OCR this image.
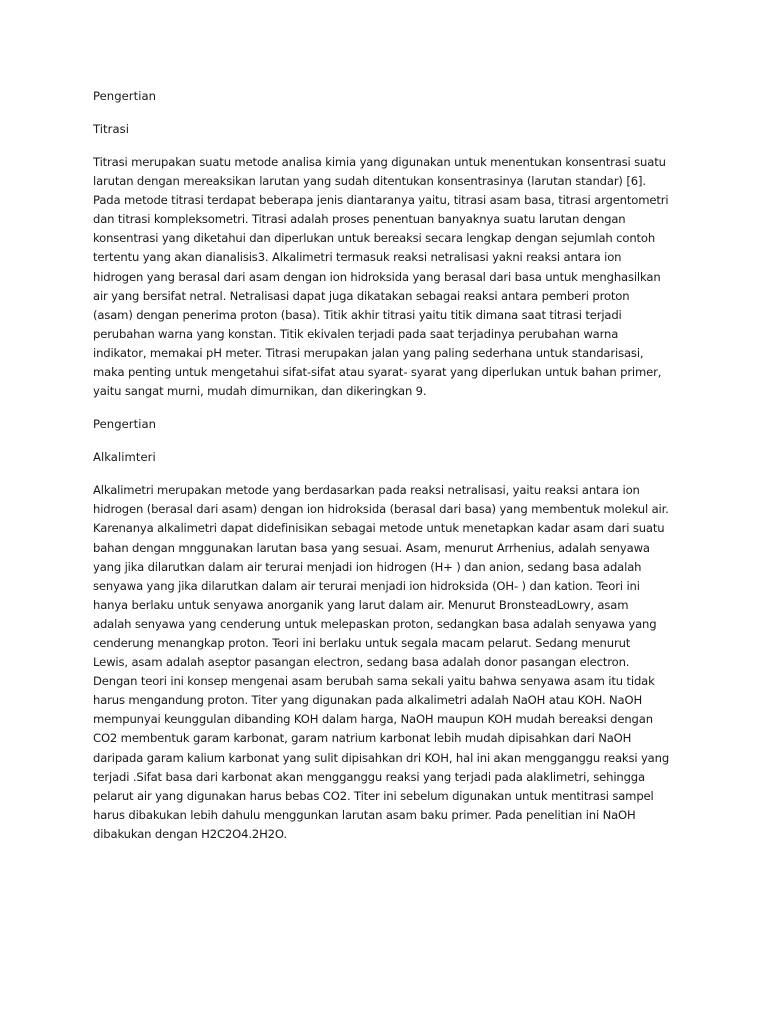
Pengertian

Titrasi

Titrasi merupakan suatu metode analisa kimia yang digunakan untuk menentukan konsentrasi suatu
larutan dengan mereaksikan larutan yang sudah ditentukan konsentrasinya (larutan standar) [6].
Pada metode titrasi terdapat beberapa jenis diantaranya yaitu, titrasi asam basa, titrasi argentometri
dan titrasi kompleksometri. Titrasi adalah proses penentuan banyaknya suatu larutan dengan
konsentrasi yang diketahui dan diperlukan untuk bereaksi secara lengkap dengan sejumlah contoh
tertentu yang akan dianalisis3. Alkalimetri termasuk reaksi netralisasi yakni reaksi antara ion
hidrogen yang berasal dari asam dengan ion hidroksida yang berasal dari basa untuk menghasilkan
air yang bersifat netral. Netralisasi dapat juga dikatakan sebagai reaksi antara pemberi proton
(asam) dengan penerima proton (basa). Titik akhir titrasi yaitu titik dimana saat titrasi terjadi
perubahan warna yang konstan. Titik ekivalen terjadi pada saat terjadinya perubahan warna
indikator, memakai pH meter. Titrasi merupakan jalan yang paling sederhana untuk standarisasi,
maka penting untuk mengetahui sifat-sifat atau syarat- syarat yang diperlukan untuk bahan primer,
yaitu sangat murni, mudah dimurnikan, dan dikeringkan 9.

Pengertian

Alkalimteri

Alkalimetri merupakan metode yang berdasarkan pada reaksi netralisasi, yaitu reaksi antara ion
hidrogen (berasal dari asam) dengan ion hidroksida (berasal dari basa) yang membentuk molekul air.
Karenanya alkalimetri dapat didefinisikan sebagai metode untuk menetapkan kadar asam dari suatu
bahan dengan mnggunakan larutan basa yang sesuai. Asam, menurut Arrhenius, adalah senyawa
yang jika dilarutkan dalam air terurai menjadi ion hidrogen (H+ ) dan anion, sedang basa adalah
senyawa yang jika dilarutkan dalam air terurai menjadi ion hidroksida (OH- ) dan kation. Teori ini
hanya berlaku untuk senyawa anorganik yang larut dalam air. Menurut BronsteadLowry, asam
adalah senyawa yang cenderung untuk melepaskan proton, sedangkan basa adalah senyawa yang
cenderung menangkap proton. Teori ini berlaku untuk segala macam pelarut. Sedang menurut
Lewis, asam adalah aseptor pasangan electron, sedang basa adalah donor pasangan electron.
Dengan teori ini konsep mengenai asam berubah sama sekali yaitu bahwa senyawa asam itu tidak
harus mengandung proton. Titer yang digunakan pada alkalimetri adalah NaOH atau KOH. NaOH
mempunyai keunggulan dibanding KOH dalam harga, NaOH maupun KOH mudah bereaksi dengan
CO2 membentuk garam karbonat, garam natrium karbonat lebih mudah dipisahkan dari NaOH
daripada garam kalium karbonat yang sulit dipisahkan dri KOH, hal ini akan mengganggu reaksi yang
terjadi .Sifat basa dari karbonat akan mengganggu reaksi yang terjadi pada alaklimetri, sehingga
pelarut air yang digunakan harus bebas CO2. Titer ini sebelum digunakan untuk mentitrasi sampel
harus dibakukan lebih dahulu menggunkan larutan asam baku primer. Pada penelitian ini NaOH
dibakukan dengan H2C2O4.2H2O.
